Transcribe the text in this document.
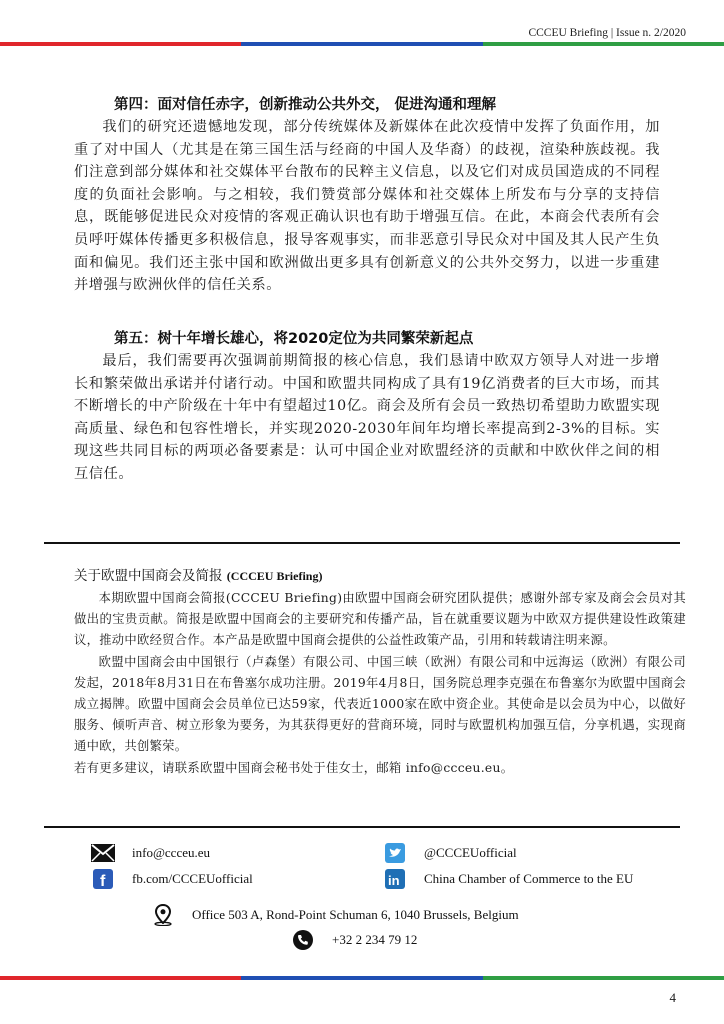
CCCEU Briefing | Issue n. 2/2020

第四：面对信任赤字，创新推动公共外交， 促进沟通和理解

我们的研究还遗憾地发现，部分传统媒体及新媒体在此次疫情中发挥了负面作用，加重了对中国人（尤其是在第三国生活与经商的中国人及华裔）的歧视，渲染种族歧视。我们注意到部分媒体和社交媒体平台散布的民粹主义信息，以及它们对成员国造成的不同程度的负面社会影响。与之相较，我们赞赏部分媒体和社交媒体上所发布与分享的支持信息，既能够促进民众对疫情的客观正确认识也有助于增强互信。在此，本商会代表所有会员呼吁媒体传播更多积极信息，报导客观事实，而非恶意引导民众对中国及其人民产生负面和偏见。我们还主张中国和欧洲做出更多具有创新意义的公共外交努力，以进一步重建并增强与欧洲伙伴的信任关系。

第五：树十年增长雄心，将2020定位为共同繁荣新起点

最后，我们需要再次强调前期简报的核心信息，我们恳请中欧双方领导人对进一步增长和繁荣做出承诺并付诸行动。中国和欧盟共同构成了具有19亿消费者的巨大市场，而其不断增长的中产阶级在十年中有望超过10亿。商会及所有会员一致热切希望助力欧盟实现高质量、绿色和包容性增长，并实现2020-2030年间年均增长率提高到2-3%的目标。实现这些共同目标的两项必备要素是：认可中国企业对欧盟经济的贡献和中欧伙伴之间的相互信任。

关于欧盟中国商会及简报 (CCCEU Briefing)

本期欧盟中国商会简报(CCCEU Briefing)由欧盟中国商会研究团队提供；感谢外部专家及商会会员对其做出的宝贵贡献。简报是欧盟中国商会的主要研究和传播产品，旨在就重要议题为中欧双方提供建设性政策建议，推动中欧经贸合作。本产品是欧盟中国商会提供的公益性政策产品，引用和转载请注明来源。

欧盟中国商会由中国银行（卢森堡）有限公司、中国三峡（欧洲）有限公司和中远海运（欧洲）有限公司发起，2018年8月31日在布鲁塞尔成功注册。2019年4月8日，国务院总理李克强在布鲁塞尔为欧盟中国商会成立揭牌。欧盟中国商会会员单位已达59家，代表近1000家在欧中资企业。其使命是以会员为中心，以做好服务、倾听声音、树立形象为要务，为其获得更好的营商环境，同时与欧盟机构加强互信，分享机遇，实现商通中欧，共创繁荣。

若有更多建议，请联系欧盟中国商会秘书处于佳女士，邮箱 info@ccceu.eu。

info@ccceu.eu
f fb.com/CCCEUofficial
@CCCEUofficial
in China Chamber of Commerce to the EU
Office 503 A, Rond-Point Schuman 6, 1040 Brussels, Belgium
+32 2 234 79 12
4
